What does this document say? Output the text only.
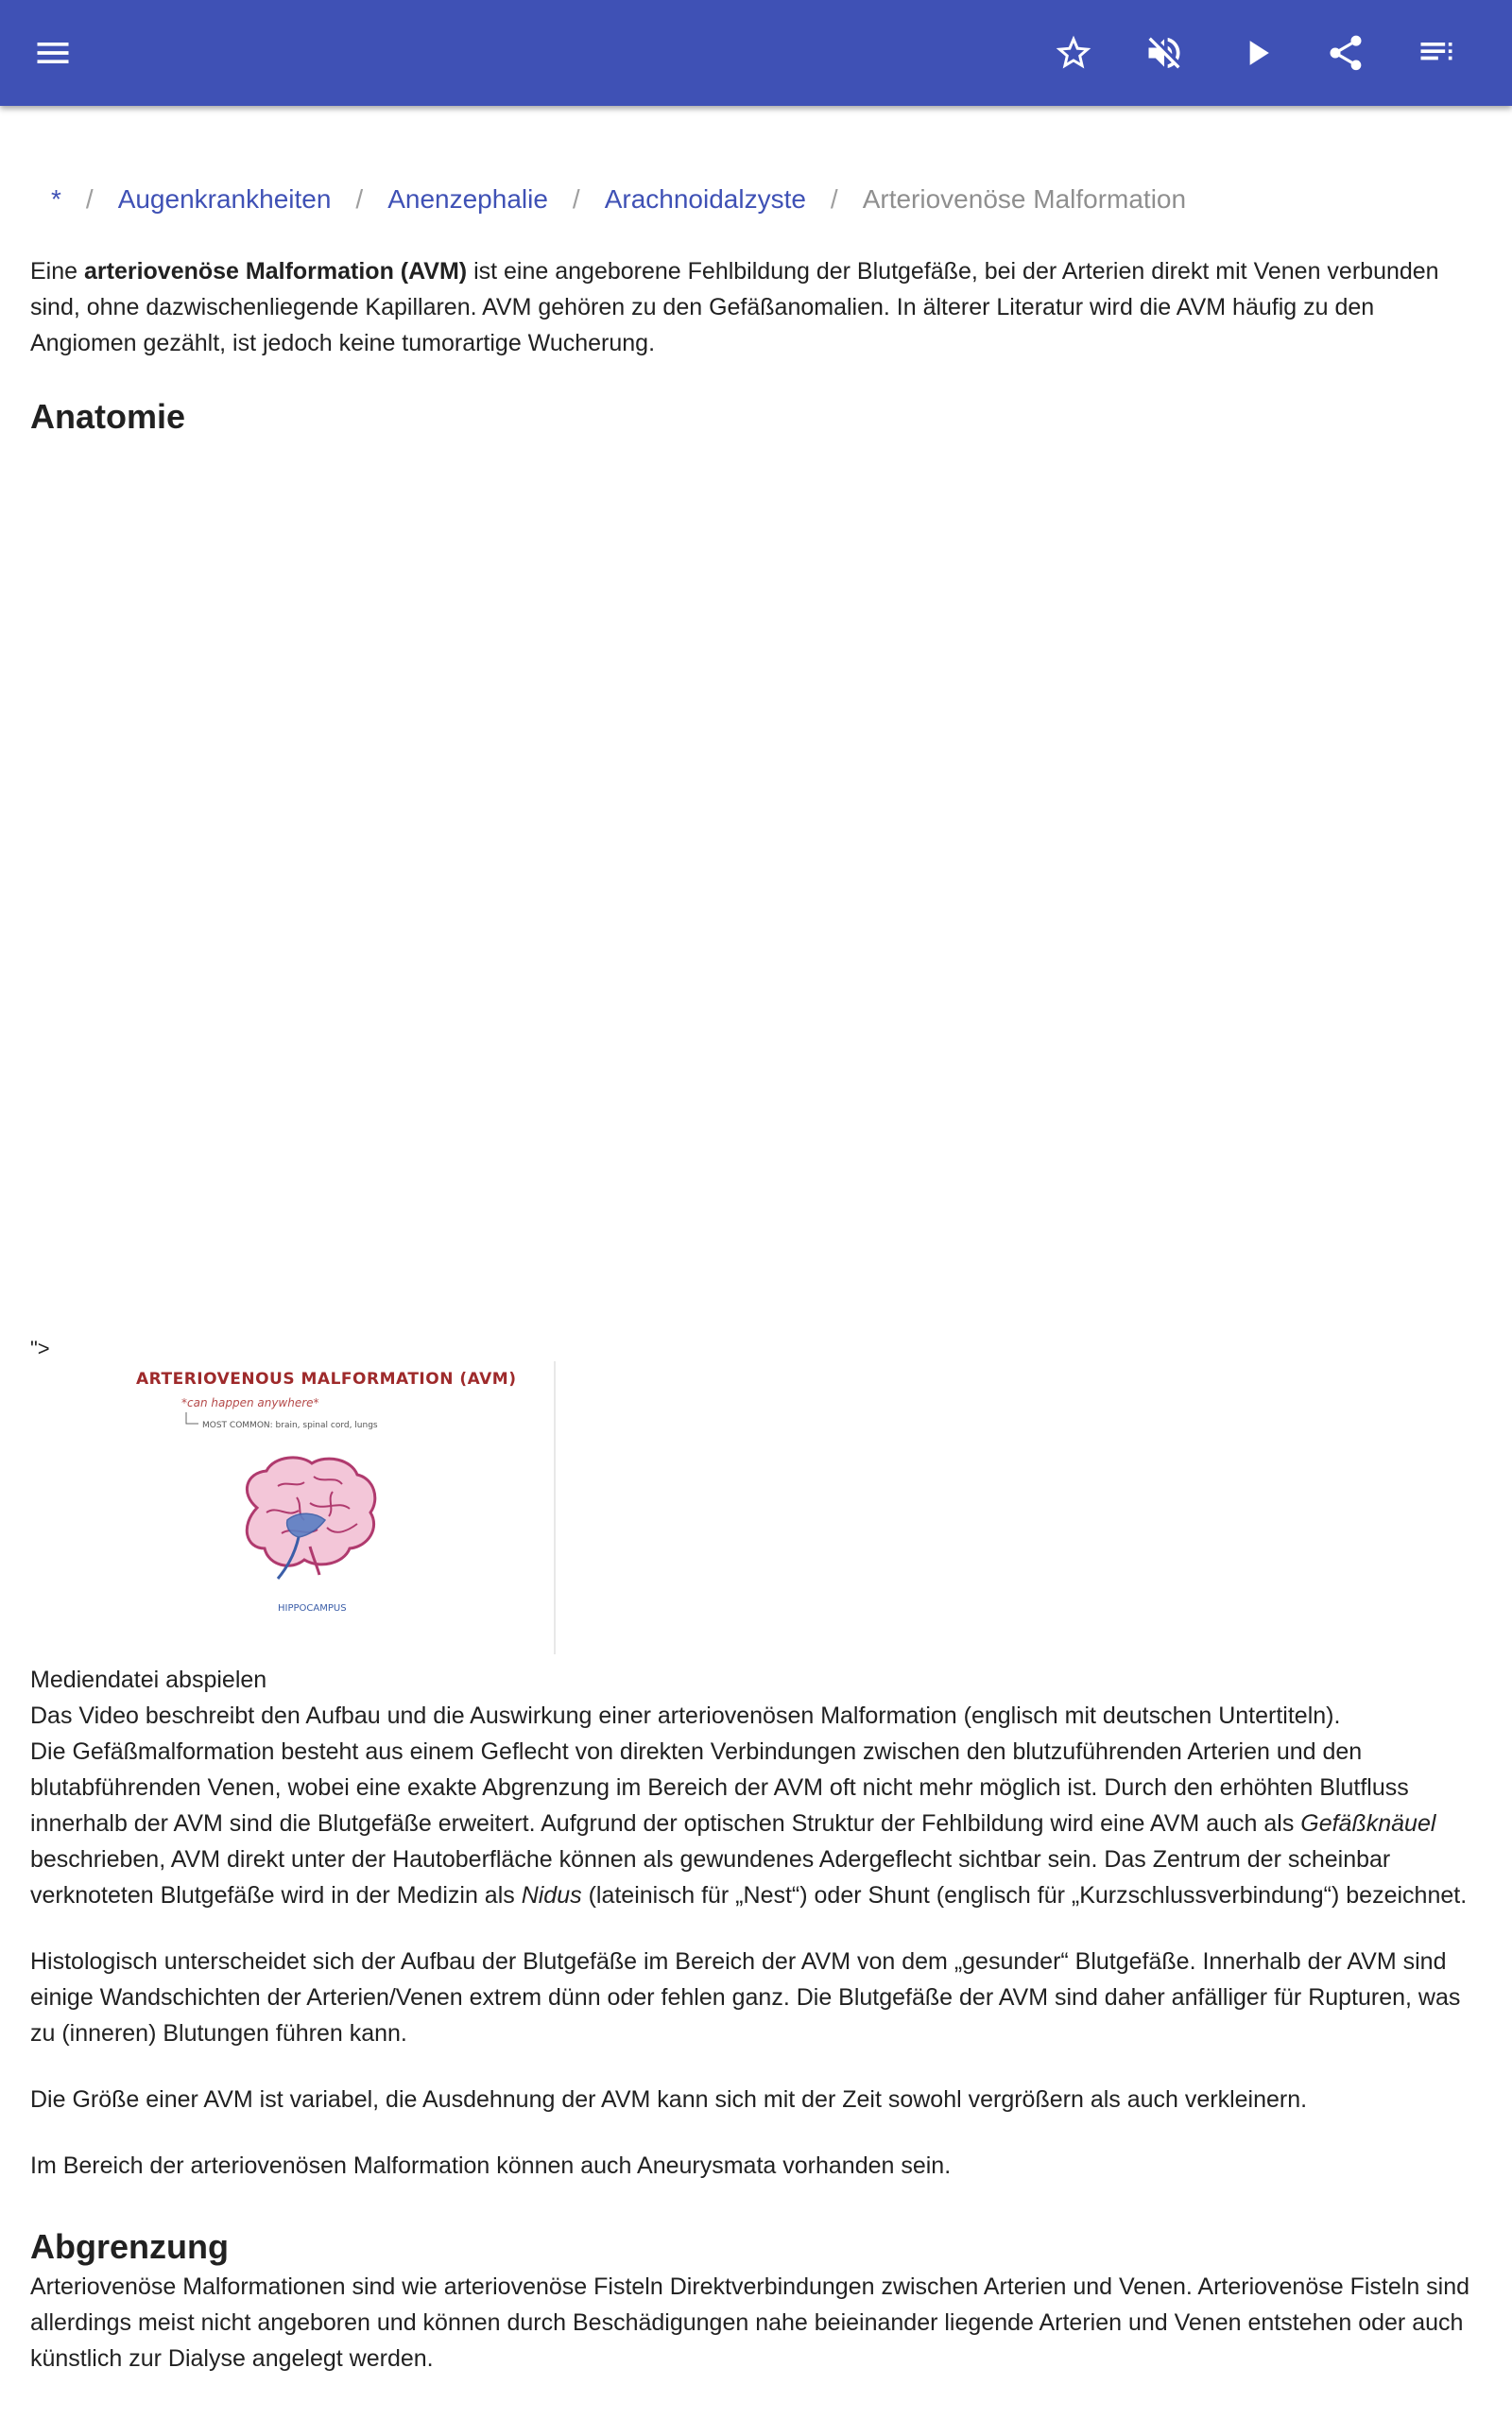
* / Augenkrankheiten / Anenzephalie / Arachnoidalzyste / Arteriovenöse Malformation

Eine arteriovenöse Malformation (AVM) ist eine angeborene Fehlbildung der Blutgefäße, bei der Arterien direkt mit Venen verbunden sind, ohne dazwischenliegende Kapillaren. AVM gehören zu den Gefäßanomalien. In älterer Literatur wird die AVM häufig zu den Angiomen gezählt, ist jedoch keine tumorartige Wucherung.

Anatomie
">
ARTERIOVENOUS MALFORMATION (AVM)
*can happen anywhere*
MOST COMMON: brain, spinal cord, lungs
HIPPOCAMPUS

Mediendatei abspielen

Das Video beschreibt den Aufbau und die Auswirkung einer arteriovenösen Malformation (englisch mit deutschen Untertiteln).

Die Gefäßmalformation besteht aus einem Geflecht von direkten Verbindungen zwischen den blutzuführenden Arterien und den blutabführenden Venen, wobei eine exakte Abgrenzung im Bereich der AVM oft nicht mehr möglich ist. Durch den erhöhten Blutfluss innerhalb der AVM sind die Blutgefäße erweitert. Aufgrund der optischen Struktur der Fehlbildung wird eine AVM auch als Gefäßknäuel beschrieben, AVM direkt unter der Hautoberfläche können als gewundenes Adergeflecht sichtbar sein. Das Zentrum der scheinbar verknoteten Blutgefäße wird in der Medizin als Nidus (lateinisch für „Nest“) oder Shunt (englisch für „Kurzschlussverbindung“) bezeichnet.

Histologisch unterscheidet sich der Aufbau der Blutgefäße im Bereich der AVM von dem „gesunder“ Blutgefäße. Innerhalb der AVM sind einige Wandschichten der Arterien/Venen extrem dünn oder fehlen ganz. Die Blutgefäße der AVM sind daher anfälliger für Rupturen, was zu (inneren) Blutungen führen kann.

Die Größe einer AVM ist variabel, die Ausdehnung der AVM kann sich mit der Zeit sowohl vergrößern als auch verkleinern.

Im Bereich der arteriovenösen Malformation können auch Aneurysmata vorhanden sein.

Abgrenzung

Arteriovenöse Malformationen sind wie arteriovenöse Fisteln Direktverbindungen zwischen Arterien und Venen. Arteriovenöse Fisteln sind allerdings meist nicht angeboren und können durch Beschädigungen nahe beieinander liegende Arterien und Venen entstehen oder auch künstlich zur Dialyse angelegt werden.
